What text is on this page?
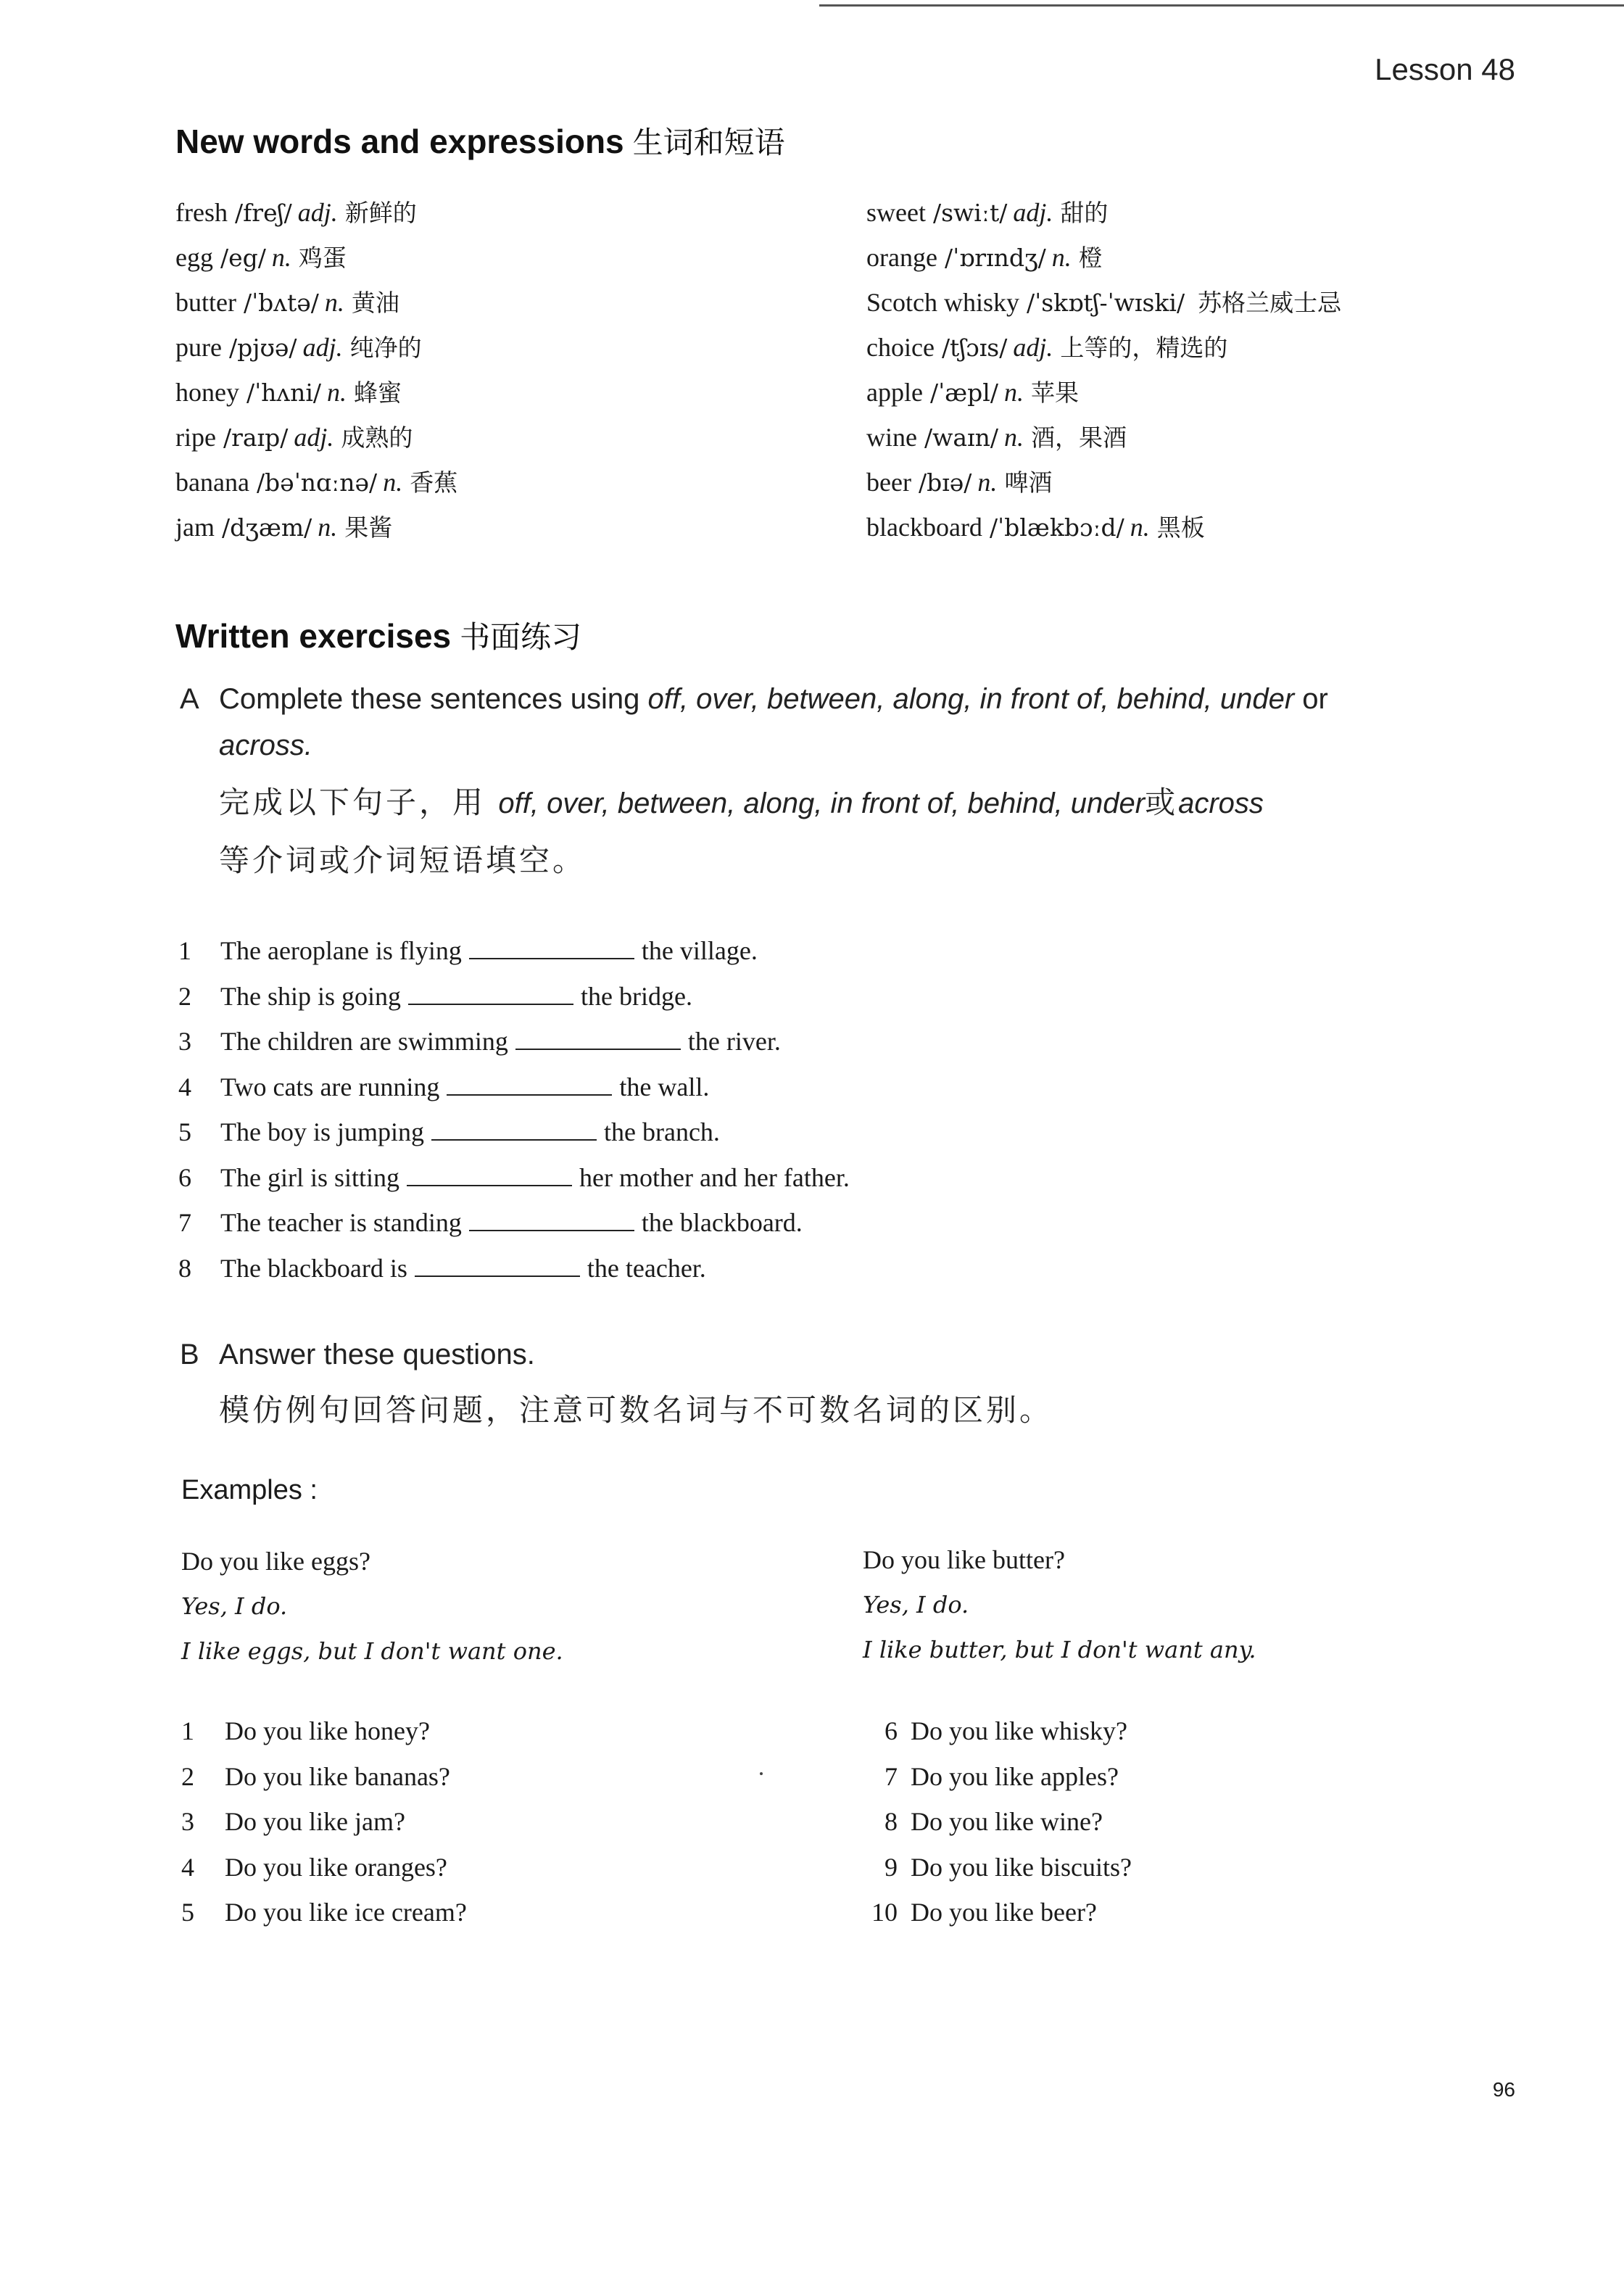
Lesson 48
New words and expressions 生词和短语
fresh /freʃ/ adj. 新鲜的
egg /eg/ n. 鸡蛋
butter /ˈbʌtə/ n. 黄油
pure /pjʊə/ adj. 纯净的
honey /ˈhʌni/ n. 蜂蜜
ripe /raɪp/ adj. 成熟的
banana /bəˈnɑːnə/ n. 香蕉
jam /dʒæm/ n. 果酱
sweet /swiːt/ adj. 甜的
orange /ˈɒrɪndʒ/ n. 橙
Scotch whisky /ˈskɒtʃ-ˈwɪski/ 苏格兰威士忌
choice /tʃɔɪs/ adj. 上等的，精选的
apple /ˈæpl/ n. 苹果
wine /waɪn/ n. 酒，果酒
beer /bɪə/ n. 啤酒
blackboard /ˈblækbɔːd/ n. 黑板
Written exercises 书面练习
A Complete these sentences using off, over, between, along, in front of, behind, under or
across.
完成以下句子，用 off, over, between, along, in front of, behind, under或across
等介词或介词短语填空。
1 The aeroplane is flying	the village.
2 The ship is going	the bridge.
3 The children are swimming	the river.
4 Two cats are running	the wall.
5 The boy is jumping	the branch.
6 The girl is sitting	her mother and her father.
7 The teacher is standing	the blackboard.
8 The blackboard is	the teacher.
B Answer these questions.
模仿例句回答问题，注意可数名词与不可数名词的区别。
Examples :
Do you like eggs?
Yes, I do.
I like eggs, but I don't want one.
Do you like butter?
Yes, I do.
I like butter, but I don't want any.
1 Do you like honey?
2 Do you like bananas?
3 Do you like jam?
4 Do you like oranges?
5 Do you like ice cream?
6 Do you like whisky?
7 Do you like apples?
8 Do you like wine?
9 Do you like biscuits?
10 Do you like beer?
96
